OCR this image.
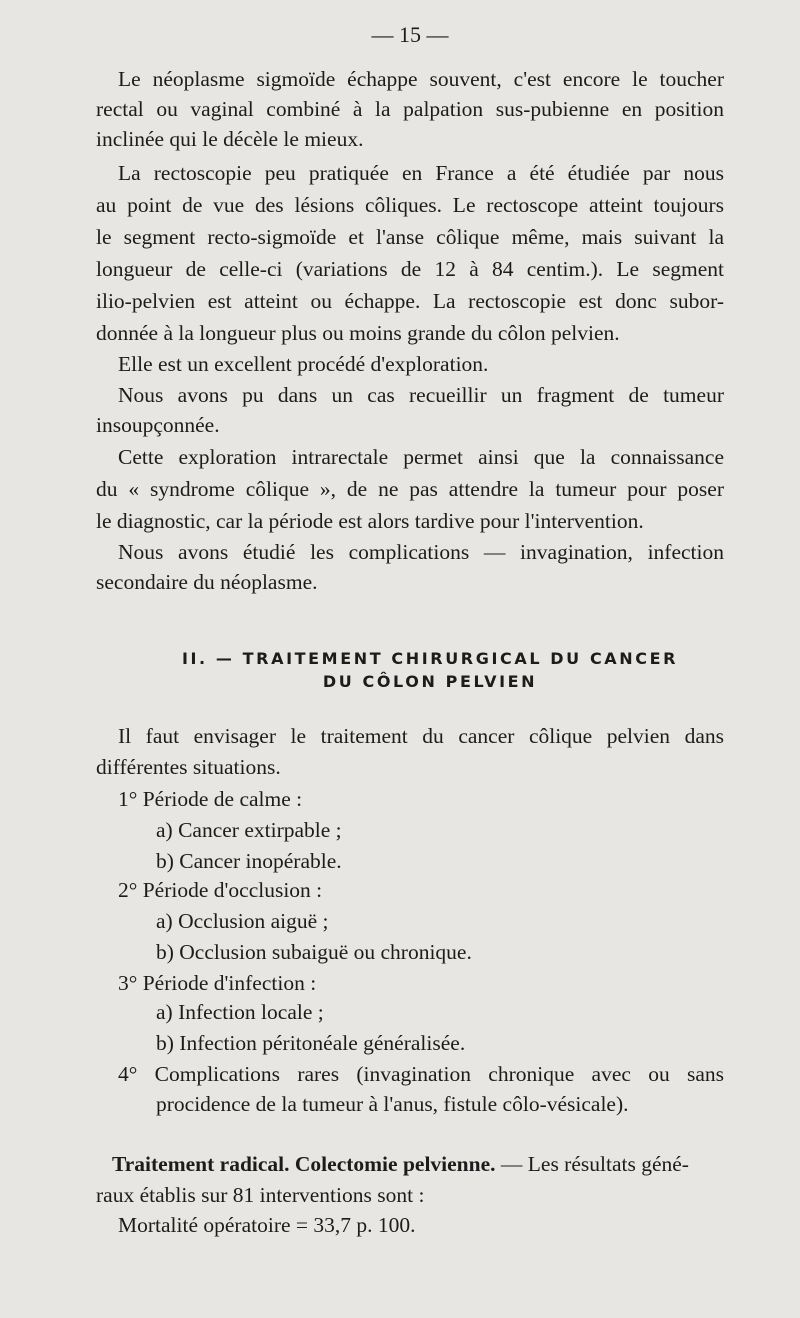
— 15 —
Le néoplasme sigmoïde échappe souvent, c'est encore le toucher
rectal ou vaginal combiné à la palpation sus-pubienne en position
inclinée qui le décèle le mieux.
La rectoscopie peu pratiquée en France a été étudiée par nous
au point de vue des lésions côliques. Le rectoscope atteint toujours
le segment recto-sigmoïde et l'anse côlique même, mais suivant la
longueur de celle-ci (variations de 12 à 84 centim.). Le segment
ilio-pelvien est atteint ou échappe. La rectoscopie est donc subor-
donnée à la longueur plus ou moins grande du côlon pelvien.
Elle est un excellent procédé d'exploration.
Nous avons pu dans un cas recueillir un fragment de tumeur
insoupçonnée.
Cette exploration intrarectale permet ainsi que la connaissance
du « syndrome côlique », de ne pas attendre la tumeur pour poser
le diagnostic, car la période est alors tardive pour l'intervention.
Nous avons étudié les complications — invagination, infection
secondaire du néoplasme.
II. — TRAITEMENT CHIRURGICAL DU CANCER
DU CÔLON PELVIEN
Il faut envisager le traitement du cancer côlique pelvien dans
différentes situations.
1° Période de calme :
a) Cancer extirpable ;
b) Cancer inopérable.
2° Période d'occlusion :
a) Occlusion aiguë ;
b) Occlusion subaiguë ou chronique.
3° Période d'infection :
a) Infection locale ;
b) Infection péritonéale généralisée.
4° Complications rares (invagination chronique avec ou sans
procidence de la tumeur à l'anus, fistule côlo-vésicale).
Traitement radical. Colectomie pelvienne. — Les résultats géné-
raux établis sur 81 interventions sont :
Mortalité opératoire = 33,7 p. 100.
